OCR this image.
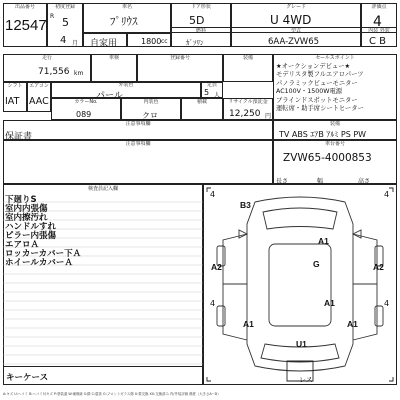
出品番号
12547
初度登録
R 5
4 月
車名
ﾌﾟﾘｳｽ
ドア形状
5D
グレード
U 4WD
評価点
4
自家用	1800 cc
燃料
ｶﾞｿﾘﾝ
型式
6AA-ZVW65
内装 外装
C B
走行
71,556 km
車検	登録番号	装備	セールスポイント
★オークションデビュー★
モデリスタ製フルエアロパーツ
パノラミックビューモニター
AC100V・1500W電源
ブラインドスポットモニター
運転席・助手席シートヒーター
シフト
IAT
エアコン
AAC
外装色
パール
定員
5 人
カラーNo.
089
内装色
クロ
積載	リサイクル預託金
12,250 円
注意事項欄
保証書
装備
TV ABS ｴｱB ｱﾙﾐ PS PW
注意事項欄	車台番号
ZVW65-4000853
長さ	幅	高さ
検査員記入欄
下廻りS
室内内張傷
室内擦汚れ
ハンドルすれ
ピラー内張傷
エアロＡ
ロッカーカバー下Ａ
ホイールカバーＡ
キーケース
4	4
4	4
B3
G
A1
A1
A2	A2
A1	A1
U1
レス
A:キズ U:ヘコミ B:ヘコミ付キズ P:塗装違 W:補修跡 S:錆 C:腐食 G:フロントガラス傷 X:要交換 XX:交換済み 内/外装評価 傷度（大きさA~D）
